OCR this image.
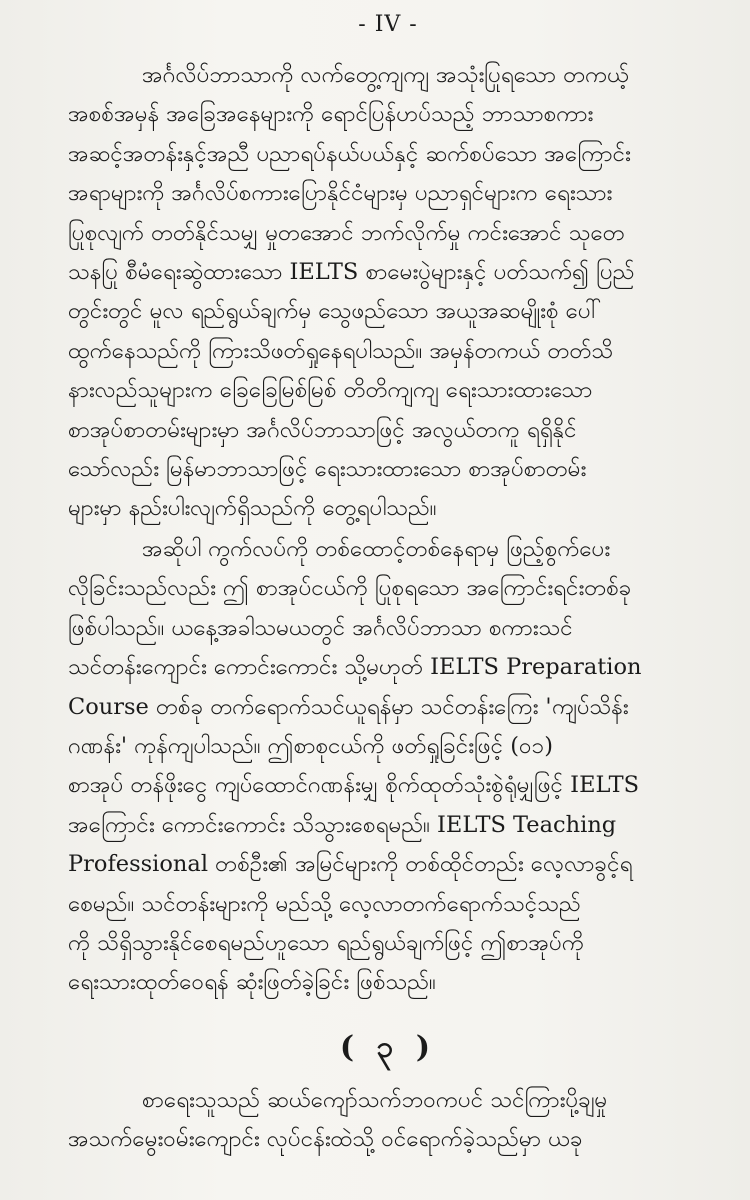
- IV -
အင်္ဂလိပ်ဘာသာကို လက်တွေ့ကျကျ အသုံးပြုရသော တကယ့်
အစစ်အမှန် အခြေအနေများကို ရောင်ပြန်ဟပ်သည့် ဘာသာစကား
အဆင့်အတန်းနှင့်အညီ ပညာရပ်နယ်ပယ်နှင့် ဆက်စပ်သော အကြောင်း
အရာများကို အင်္ဂလိပ်စကားပြောနိုင်ငံများမှ ပညာရှင်များက ရေးသား
ပြုစုလျက် တတ်နိုင်သမျှ မှုတအောင် ဘက်လိုက်မှု ကင်းအောင် သုတေ
သနပြု စီမံရေးဆွဲထားသော IELTS စာမေးပွဲများနှင့် ပတ်သက်၍ ပြည်
တွင်းတွင် မူလ ရည်ရွယ်ချက်မှ သွေဖည်သော အယူအဆမျိုးစုံ ပေါ်
ထွက်နေသည်ကို ကြားသိဖတ်ရှုနေရပါသည်။ အမှန်တကယ် တတ်သိ
နားလည်သူများက ခြေခြေမြစ်မြစ် တိတိကျကျ ရေးသားထားသော
စာအုပ်စာတမ်းများမှာ အင်္ဂလိပ်ဘာသာဖြင့် အလွယ်တကူ ရရှိနိုင်
သော်လည်း မြန်မာဘာသာဖြင့် ရေးသားထားသော စာအုပ်စာတမ်း
များမှာ နည်းပါးလျက်ရှိသည်ကို တွေ့ရပါသည်။
အဆိုပါ ကွက်လပ်ကို တစ်ထောင့်တစ်နေရာမှ ဖြည့်စွက်ပေး
လိုခြင်းသည်လည်း ဤ စာအုပ်ငယ်ကို ပြုစုရသော အကြောင်းရင်းတစ်ခု
ဖြစ်ပါသည်။ ယနေ့အခါသမယတွင် အင်္ဂလိပ်ဘာသာ စကားသင်
သင်တန်းကျောင်း ကောင်းကောင်း သို့မဟုတ် IELTS Preparation
Course တစ်ခု တက်ရောက်သင်ယူရန်မှာ သင်တန်းကြေး 'ကျပ်သိန်း
ဂဏန်း' ကုန်ကျပါသည်။ ဤစာစုငယ်ကို ဖတ်ရှုခြင်းဖြင့် (၀၁)
စာအုပ် တန်ဖိုးငွေ ကျပ်ထောင်ဂဏန်းမျှ စိုက်ထုတ်သုံးစွဲရုံမျှဖြင့် IELTS
အကြောင်း ကောင်းကောင်း သိသွားစေရမည်။ IELTS Teaching
Professional တစ်ဦး၏ အမြင်များကို တစ်ထိုင်တည်း လေ့လာခွင့်ရ
စေမည်။ သင်တန်းများကို မည်သို့ လေ့လာတက်ရောက်သင့်သည်
ကို သိရှိသွားနိုင်စေရမည်ဟူသော ရည်ရွယ်ချက်ဖြင့် ဤစာအုပ်ကို
ရေးသားထုတ်ဝေရန် ဆုံးဖြတ်ခဲ့ခြင်း ဖြစ်သည်။
( ၃ )
စာရေးသူသည် ဆယ်ကျော်သက်ဘဝကပင် သင်ကြားပို့ချမှု
အသက်မွေးဝမ်းကျောင်း လုပ်ငန်းထဲသို့ ဝင်ရောက်ခဲ့သည်မှာ ယခု
